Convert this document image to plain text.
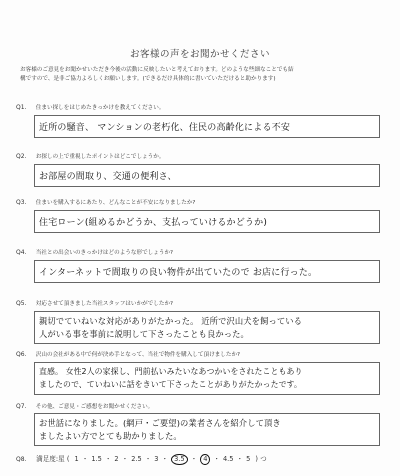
お客様の声をお聞かせください
お客様のご意見をお聞かせいただき今後の活動に反映したいと考えております。どのような些細なことでも結
構ですので、是非ご協力よろしくお願いします。(できるだけ具体的に書いていただけると助かります)
Q1. 住まい探しをはじめたきっかけを教えてください。
近所の騒音、 マンションの老朽化、住民の高齢化による不安
Q2. お探しの上で重視したポイントはどこでしょうか。
お部屋の間取り、交通の便利さ、
Q3. 住まいを購入するにあたり、どんなことが不安になりましたか?
住宅ローン(組めるかどうか、支払っていけるかどうか)
Q4. 当社との出会いのきっかけはどのような形でしょうか?
インターネットで間取りの良い物件が出ていたので お店に行った。
Q5. 対応させて頂きました当社スタッフはいかがでしたか?
親切でていねいな対応がありがたかった。 近所で沢山犬を飼っている
人がいる事を事前に説明して下さったことも良かった。
Q6. 沢山の会社がある中で何が決め手となって、当社で物件を購入して頂けましたか?
直感。 女性2人の家探し、門前払いみたいなあつかいをされたこともあり
ましたので、ていねいに話をきいて下さったことがありがたかったです。
Q7. その他、ご意見・ご感想をお聞かせください。
お世話になりました。(網戸・ご要望)の業者さんを紹介して頂き
ましたよい方でとても助かりました。
Q8. 満足度:星 ( 1 ・ 1.5 ・ 2 ・ 2.5 ・ 3 ・ 3.5 ・ 4 ・ 4.5 ・ 5 ) つ
